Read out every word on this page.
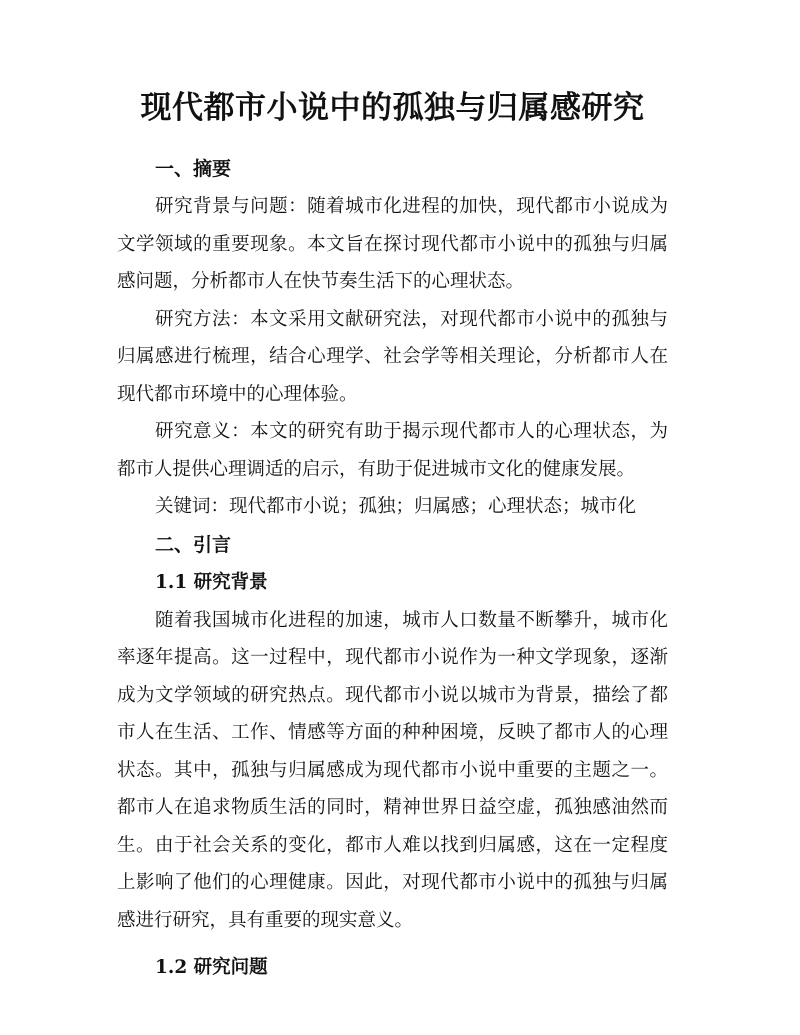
现代都市小说中的孤独与归属感研究
一、摘要

研究背景与问题：随着城市化进程的加快，现代都市小说成为文学领域的重要现象。本文旨在探讨现代都市小说中的孤独与归属感问题，分析都市人在快节奏生活下的心理状态。

研究方法：本文采用文献研究法，对现代都市小说中的孤独与归属感进行梳理，结合心理学、社会学等相关理论，分析都市人在现代都市环境中的心理体验。

研究意义：本文的研究有助于揭示现代都市人的心理状态，为都市人提供心理调适的启示，有助于促进城市文化的健康发展。

关键词：现代都市小说；孤独；归属感；心理状态；城市化

二、引言
1.1 研究背景

随着我国城市化进程的加速，城市人口数量不断攀升，城市化率逐年提高。这一过程中，现代都市小说作为一种文学现象，逐渐成为文学领域的研究热点。现代都市小说以城市为背景，描绘了都市人在生活、工作、情感等方面的种种困境，反映了都市人的心理状态。其中，孤独与归属感成为现代都市小说中重要的主题之一。都市人在追求物质生活的同时，精神世界日益空虚，孤独感油然而生。由于社会关系的变化，都市人难以找到归属感，这在一定程度上影响了他们的心理健康。因此，对现代都市小说中的孤独与归属感进行研究，具有重要的现实意义。

1.2 研究问题
